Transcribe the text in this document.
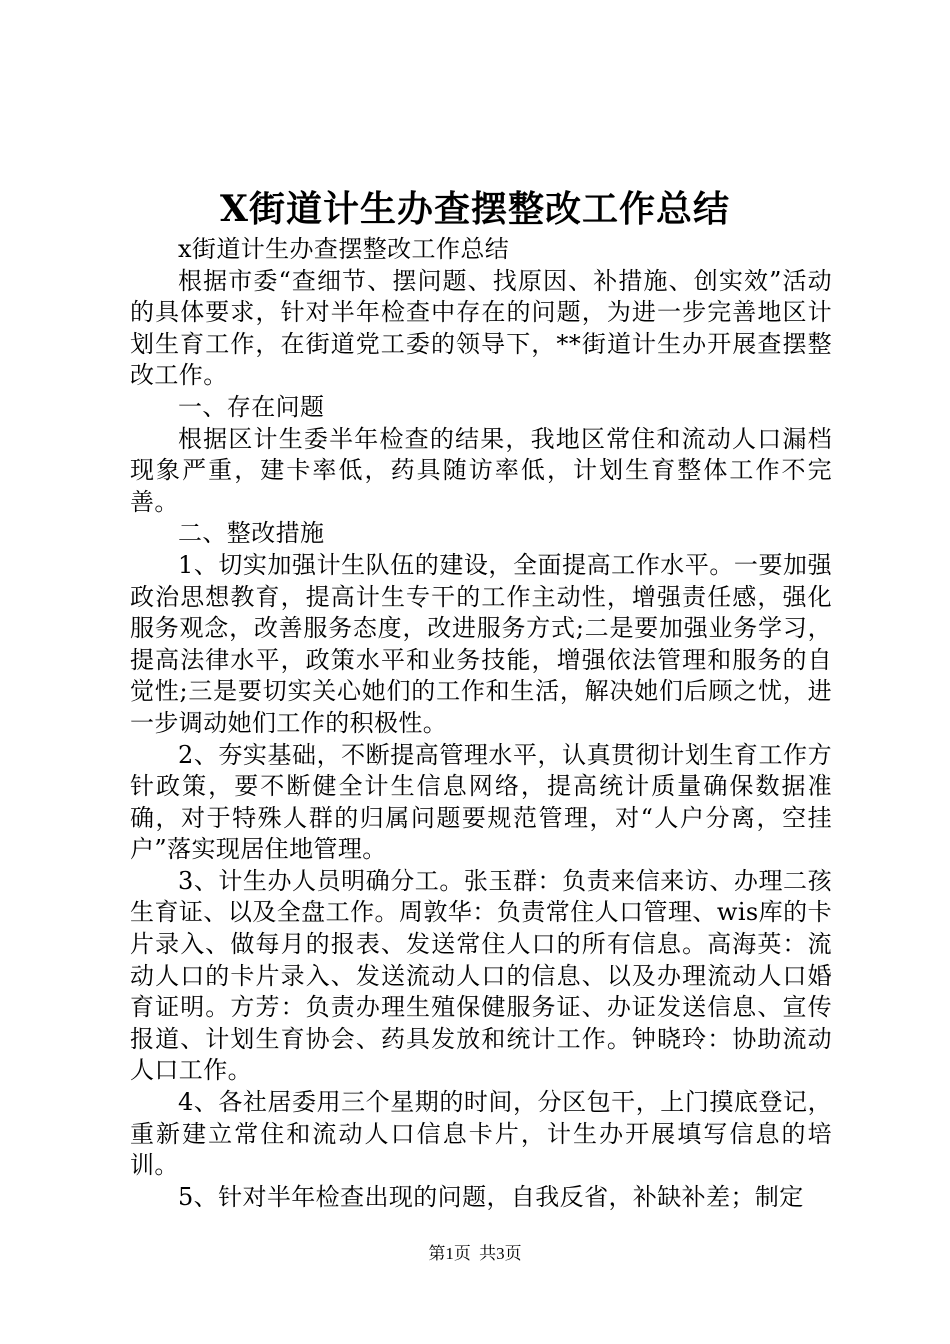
X街道计生办查摆整改工作总结

x街道计生办查摆整改工作总结

根据市委“查细节、摆问题、找原因、补措施、创实效”活动的具体要求，针对半年检查中存在的问题，为进一步完善地区计划生育工作，在街道党工委的领导下，**街道计生办开展查摆整改工作。

一、存在问题

根据区计生委半年检查的结果，我地区常住和流动人口漏档现象严重，建卡率低，药具随访率低，计划生育整体工作不完善。

二、整改措施

1、切实加强计生队伍的建设，全面提高工作水平。一要加强政治思想教育，提高计生专干的工作主动性，增强责任感，强化服务观念，改善服务态度，改进服务方式;二是要加强业务学习，提高法律水平，政策水平和业务技能，增强依法管理和服务的自觉性;三是要切实关心她们的工作和生活，解决她们后顾之忧，进一步调动她们工作的积极性。

2、夯实基础，不断提高管理水平，认真贯彻计划生育工作方针政策，要不断健全计生信息网络，提高统计质量确保数据准确，对于特殊人群的归属问题要规范管理，对“人户分离，空挂户”落实现居住地管理。

3、计生办人员明确分工。张玉群：负责来信来访、办理二孩生育证、以及全盘工作。周敦华：负责常住人口管理、wis库的卡片录入、做每月的报表、发送常住人口的所有信息。高海英：流动人口的卡片录入、发送流动人口的信息、以及办理流动人口婚育证明。方芳：负责办理生殖保健服务证、办证发送信息、宣传报道、计划生育协会、药具发放和统计工作。钟晓玲：协助流动人口工作。

4、各社居委用三个星期的时间，分区包干，上门摸底登记，重新建立常住和流动人口信息卡片，计生办开展填写信息的培训。

5、针对半年检查出现的问题，自我反省，补缺补差；制定

第1页 共3页
